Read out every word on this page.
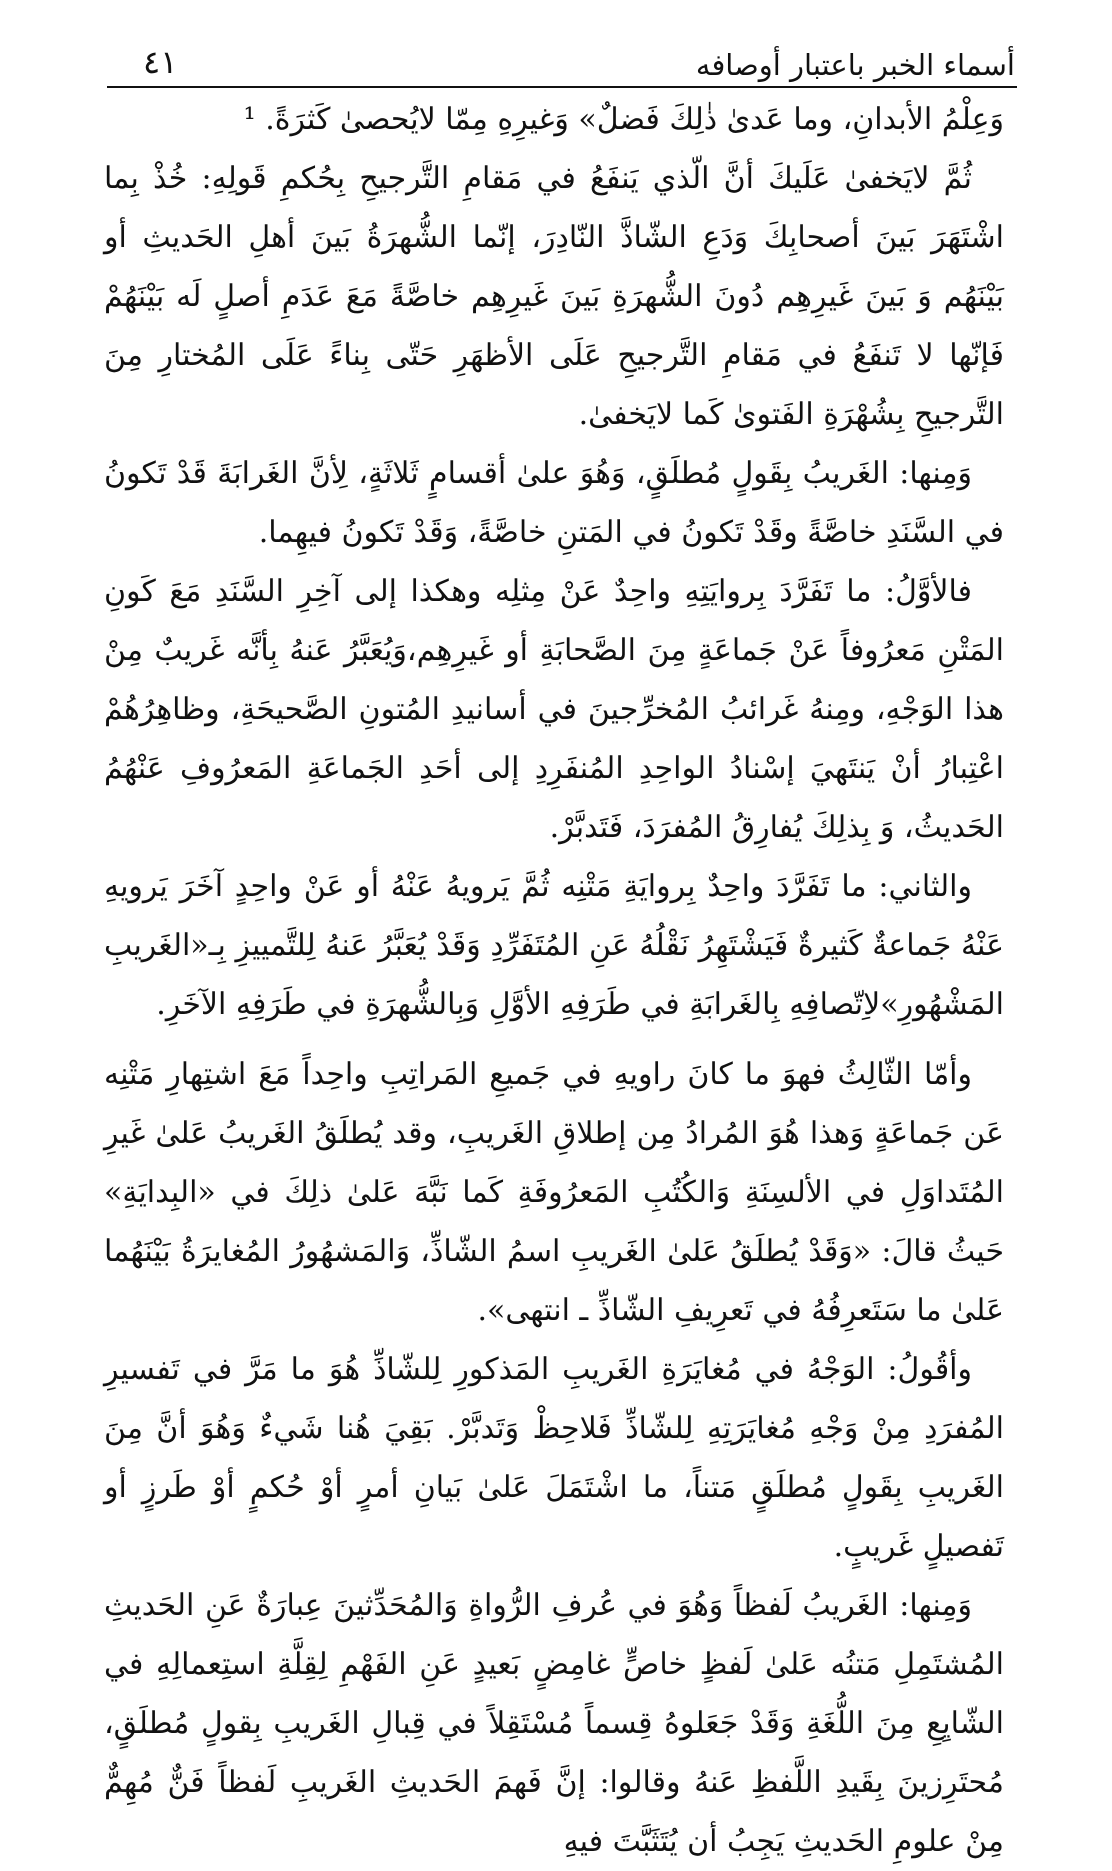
أسماء الخبر باعتبار أوصافه
٤١

وَعِلْمُ الأبدانِ، وما عَدىٰ ذٰلِكَ فَضلٌ» وَغيرِهِ مِمّا لايُحصىٰ كَثرَةً. ¹

ثُمَّ لايَخفىٰ عَلَيكَ أنَّ الّذي يَنفَعُ في مَقامِ التَّرجيحِ بِحُكمِ قَولِهِ: خُذْ بِما اشْتَهَرَ بَينَ أصحابِكَ وَدَعِ الشّاذَّ النّادِرَ، إنّما الشُّهرَةُ بَينَ أهلِ الحَديثِ أو بَيْنَهُم وَ بَينَ غَيرِهِم دُونَ الشُّهرَةِ بَينَ غَيرِهِم خاصَّةً مَعَ عَدَمِ أصلٍ لَه بَيْنَهُمْ فَإنّها لا تَنفَعُ في مَقامِ التَّرجيحِ عَلَى الأظهَرِ حَتّى بِناءً عَلَى المُختارِ مِنَ التَّرجيحِ بِشُهْرَةِ الفَتوىٰ كَما لايَخفىٰ.

وَمِنها: الغَريبُ بِقَولٍ مُطلَقٍ، وَهُوَ علىٰ أقسامٍ ثَلاثَةٍ، لِأنَّ الغَرابَةَ قَدْ تَكونُ في السَّنَدِ خاصَّةً وقَدْ تَكونُ في المَتنِ خاصَّةً، وَقَدْ تَكونُ فيهِما.

فالأوَّلُ: ما تَفَرَّدَ بِروايَتِهِ واحِدٌ عَنْ مِثلِه وهكذا إلى آخِرِ السَّنَدِ مَعَ كَونِ المَتْنِ مَعرُوفاً عَنْ جَماعَةٍ مِنَ الصَّحابَةِ أو غَيرِهِم،وَيُعَبَّرُ عَنهُ بِأنَّه غَريبٌ مِنْ هذا الوَجْهِ، ومِنهُ غَرائبُ المُخرِّجينَ في أسانيدِ المُتونِ الصَّحيحَةِ، وظاهِرُهُمْ اعْتِبارُ أنْ يَنتَهيَ إسْنادُ الواحِدِ المُنفَرِدِ إلى أحَدِ الجَماعَةِ المَعرُوفِ عَنْهُمُ الحَديثُ، وَ بِذلِكَ يُفارِقُ المُفرَدَ، فَتَدبَّرْ.

والثاني: ما تَفَرَّدَ واحِدٌ بِروايَةِ مَتْنِه ثُمَّ يَرويهُ عَنْهُ أو عَنْ واحِدٍ آخَرَ يَرويهِ عَنْهُ جَماعةٌ كَثيرةٌ فَيَشْتَهِرُ نَقْلُهُ عَنِ المُتَفَرِّدِ وَقَدْ يُعَبَّرُ عَنهُ لِلتَّمييزِ بِـ«الغَريبِ المَشْهُورِ»لاِتّصافِهِ بِالغَرابَةِ في طَرَفِهِ الأوَّلِ وَبِالشُّهرَةِ في طَرَفِهِ الآخَرِ.

وأمّا الثّالِثُ فهوَ ما كانَ راويهِ في جَميعِ المَراتِبِ واحِداً مَعَ اشتِهارِ مَتْنِه عَن جَماعَةٍ وَهذا هُوَ المُرادُ مِن إطلاقِ الغَريبِ، وقد يُطلَقُ الغَريبُ عَلىٰ غَيرِ المُتَداوَلِ في الألسِنَةِ وَالكُتُبِ المَعرُوفَةِ كَما نَبَّهَ عَلىٰ ذلِكَ في «البِدايَةِ» حَيثُ قالَ: «وَقَدْ يُطلَقُ عَلىٰ الغَريبِ اسمُ الشّاذِّ، وَالمَشهُورُ المُغايرَةُ بَيْنَهُما عَلىٰ ما سَتَعرِفُهُ في تَعرِيفِ الشّاذِّ ـ انتهى».

وأقُولُ: الوَجْهُ في مُغايَرَةِ الغَريبِ المَذكورِ لِلشّاذِّ هُوَ ما مَرَّ في تَفسيرِ المُفرَدِ مِنْ وَجْهِ مُغايَرَتِهِ لِلشّاذِّ فَلاحِظْ وَتَدبَّرْ. بَقِيَ هُنا شَيءٌ وَهُوَ أنَّ مِنَ الغَريبِ بِقَولٍ مُطلَقٍ مَتناً، ما اشْتَمَلَ عَلىٰ بَيانِ أمرٍ أوْ حُكمٍ أوْ طَرزٍ أو تَفصيلٍ غَريبٍ.

وَمِنها: الغَريبُ لَفظاً وَهُوَ في عُرفِ الرُّواةِ وَالمُحَدِّثينَ عِبارَةٌ عَنِ الحَديثِ المُشتَمِلِ مَتنُه عَلىٰ لَفظٍ خاصٍّ غامِضٍ بَعيدٍ عَنِ الفَهْمِ لِقِلَّةِ استِعمالِهِ في الشّايِعِ مِنَ اللُّغَةِ وَقَدْ جَعَلوهُ قِسماً مُسْتَقِلاً في قِبالِ الغَريبِ بِقولٍ مُطلَقٍ، مُحتَرِزينَ بِقَيدِ اللَّفظِ عَنهُ وقالوا: إنَّ فَهمَ الحَديثِ الغَريبِ لَفظاً فَنٌّ مُهِمٌّ مِنْ علومِ الحَديثِ يَجِبُ أن يُتَثَبَّتَ فيهِ
